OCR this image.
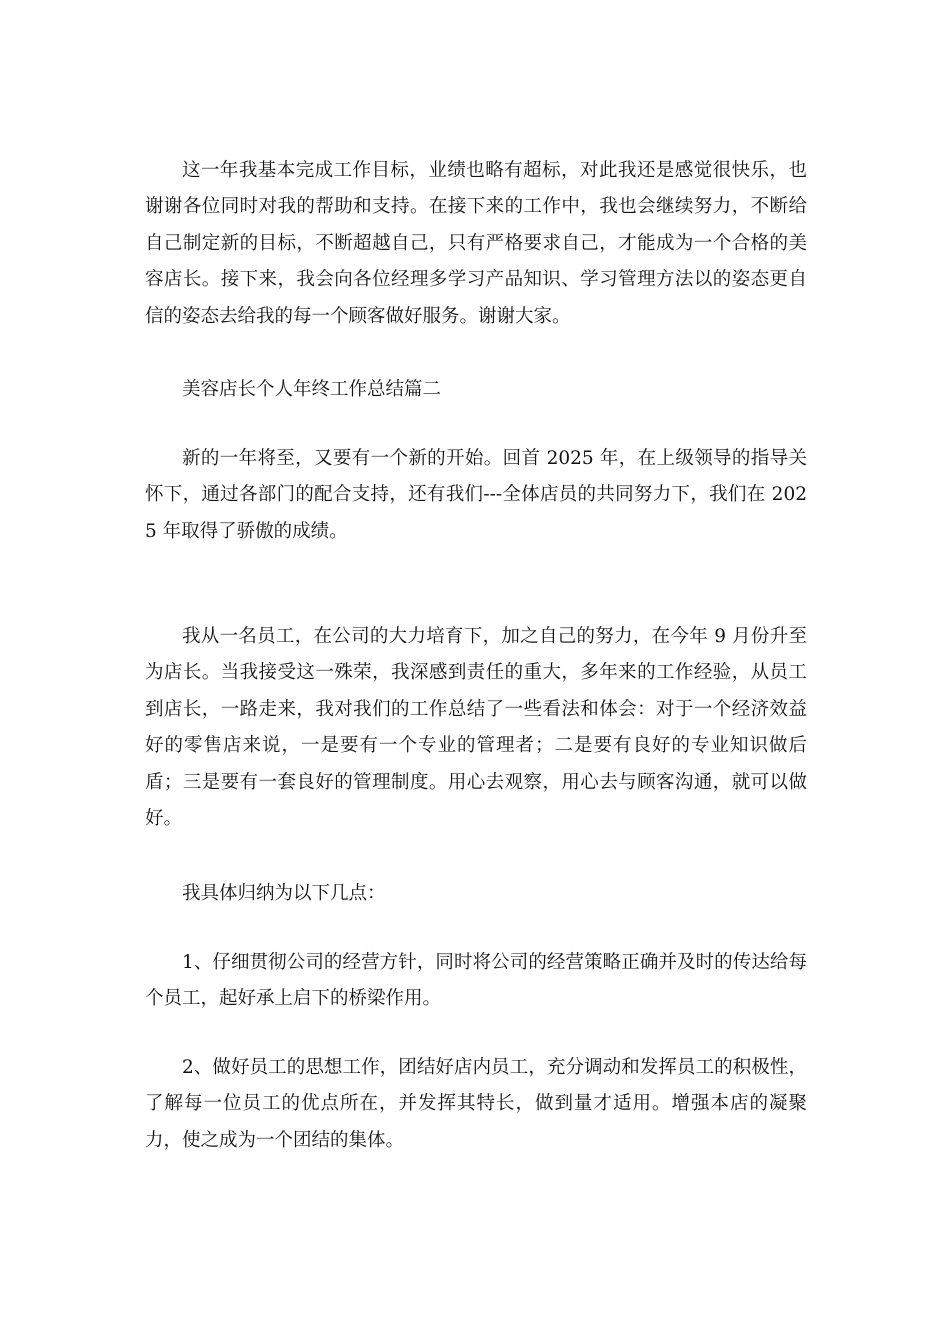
这一年我基本完成工作目标，业绩也略有超标，对此我还是感觉很快乐，也谢谢各位同时对我的帮助和支持。在接下来的工作中，我也会继续努力，不断给自己制定新的目标，不断超越自己，只有严格要求自己，才能成为一个合格的美容店长。接下来，我会向各位经理多学习产品知识、学习管理方法以的姿态更自信的姿态去给我的每一个顾客做好服务。谢谢大家。

美容店长个人年终工作总结篇二

新的一年将至，又要有一个新的开始。回首 2025 年，在上级领导的指导关怀下，通过各部门的配合支持，还有我们---全体店员的共同努力下，我们在 2025 年取得了骄傲的成绩。

我从一名员工，在公司的大力培育下，加之自己的努力，在今年 9 月份升至为店长。当我接受这一殊荣，我深感到责任的重大，多年来的工作经验，从员工到店长，一路走来，我对我们的工作总结了一些看法和体会：对于一个经济效益好的零售店来说，一是要有一个专业的管理者；二是要有良好的专业知识做后盾；三是要有一套良好的管理制度。用心去观察，用心去与顾客沟通，就可以做好。

我具体归纳为以下几点：

1、仔细贯彻公司的经营方针，同时将公司的经营策略正确并及时的传达给每个员工，起好承上启下的桥梁作用。

2、做好员工的思想工作，团结好店内员工，充分调动和发挥员工的积极性，了解每一位员工的优点所在，并发挥其特长，做到量才适用。增强本店的凝聚力，使之成为一个团结的集体。
